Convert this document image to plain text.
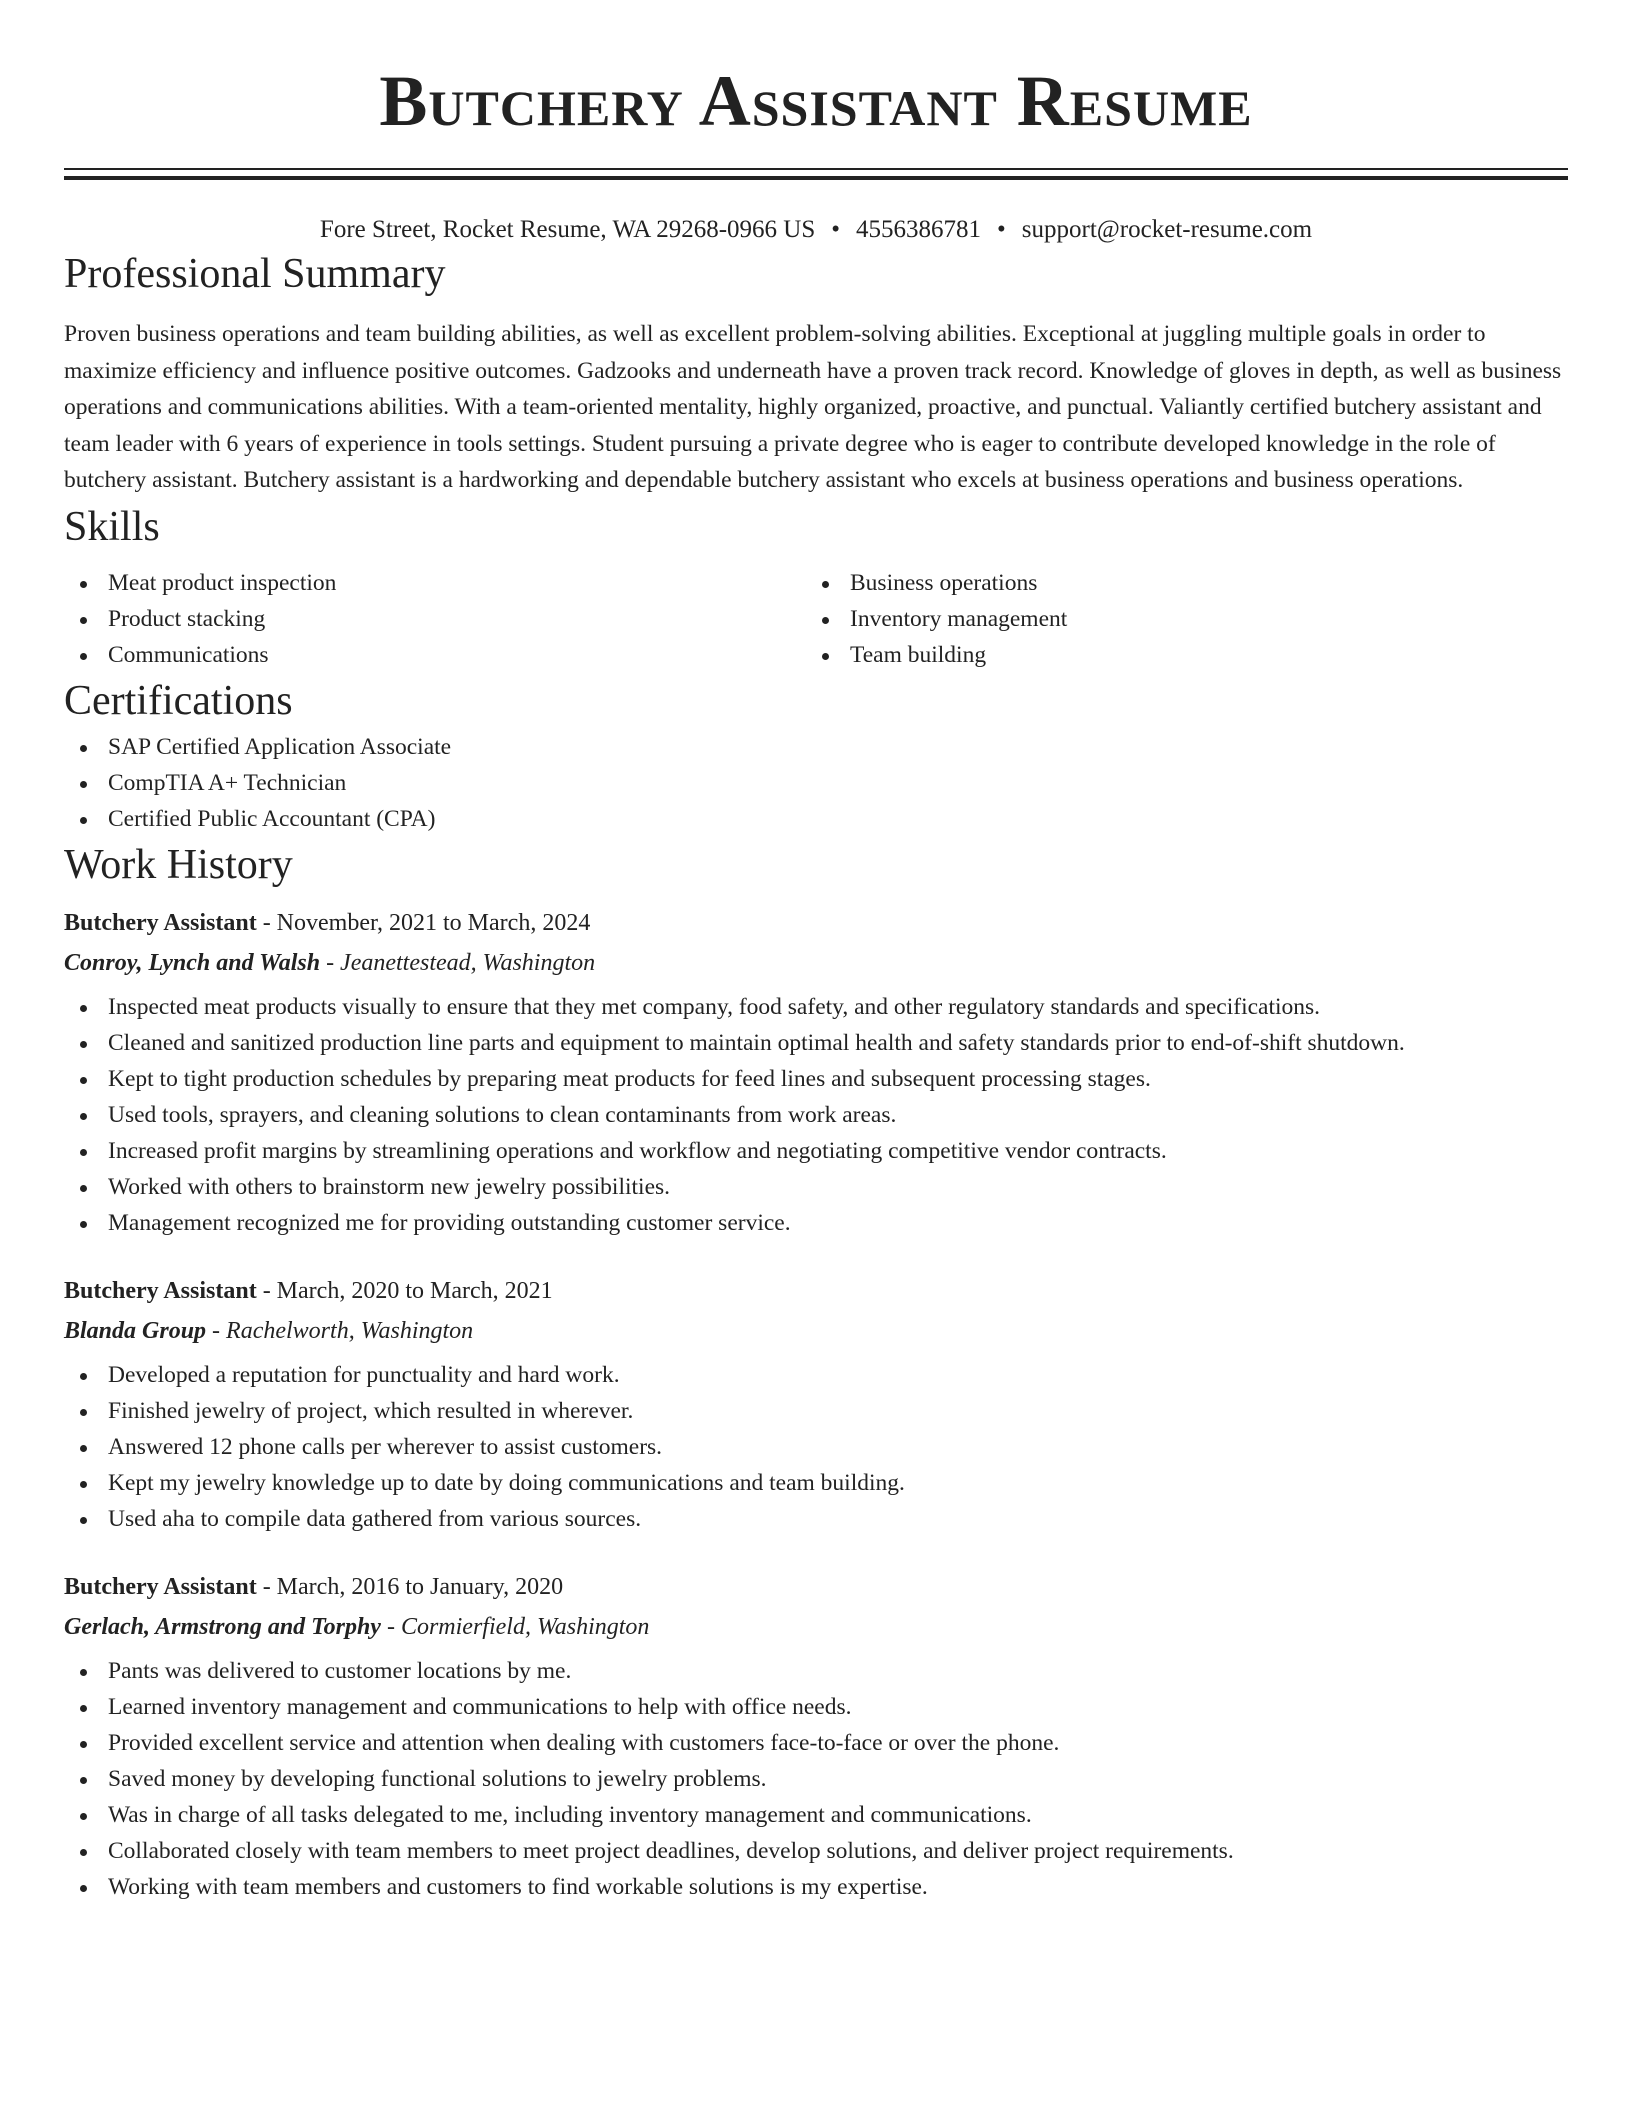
Butchery Assistant Resume
Fore Street, Rocket Resume, WA 29268-0966 US • 4556386781 • support@rocket-resume.com
Professional Summary
Proven business operations and team building abilities, as well as excellent problem-solving abilities. Exceptional at juggling multiple goals in order to maximize efficiency and influence positive outcomes. Gadzooks and underneath have a proven track record. Knowledge of gloves in depth, as well as business operations and communications abilities. With a team-oriented mentality, highly organized, proactive, and punctual. Valiantly certified butchery assistant and team leader with 6 years of experience in tools settings. Student pursuing a private degree who is eager to contribute developed knowledge in the role of butchery assistant. Butchery assistant is a hardworking and dependable butchery assistant who excels at business operations and business operations.
Skills
Meat product inspection
Product stacking
Communications
Business operations
Inventory management
Team building
Certifications
SAP Certified Application Associate
CompTIA A+ Technician
Certified Public Accountant (CPA)
Work History
Butchery Assistant - November, 2021 to March, 2024
Conroy, Lynch and Walsh - Jeanettestead, Washington
Inspected meat products visually to ensure that they met company, food safety, and other regulatory standards and specifications.
Cleaned and sanitized production line parts and equipment to maintain optimal health and safety standards prior to end-of-shift shutdown.
Kept to tight production schedules by preparing meat products for feed lines and subsequent processing stages.
Used tools, sprayers, and cleaning solutions to clean contaminants from work areas.
Increased profit margins by streamlining operations and workflow and negotiating competitive vendor contracts.
Worked with others to brainstorm new jewelry possibilities.
Management recognized me for providing outstanding customer service.
Butchery Assistant - March, 2020 to March, 2021
Blanda Group - Rachelworth, Washington
Developed a reputation for punctuality and hard work.
Finished jewelry of project, which resulted in wherever.
Answered 12 phone calls per wherever to assist customers.
Kept my jewelry knowledge up to date by doing communications and team building.
Used aha to compile data gathered from various sources.
Butchery Assistant - March, 2016 to January, 2020
Gerlach, Armstrong and Torphy - Cormierfield, Washington
Pants was delivered to customer locations by me.
Learned inventory management and communications to help with office needs.
Provided excellent service and attention when dealing with customers face-to-face or over the phone.
Saved money by developing functional solutions to jewelry problems.
Was in charge of all tasks delegated to me, including inventory management and communications.
Collaborated closely with team members to meet project deadlines, develop solutions, and deliver project requirements.
Working with team members and customers to find workable solutions is my expertise.
